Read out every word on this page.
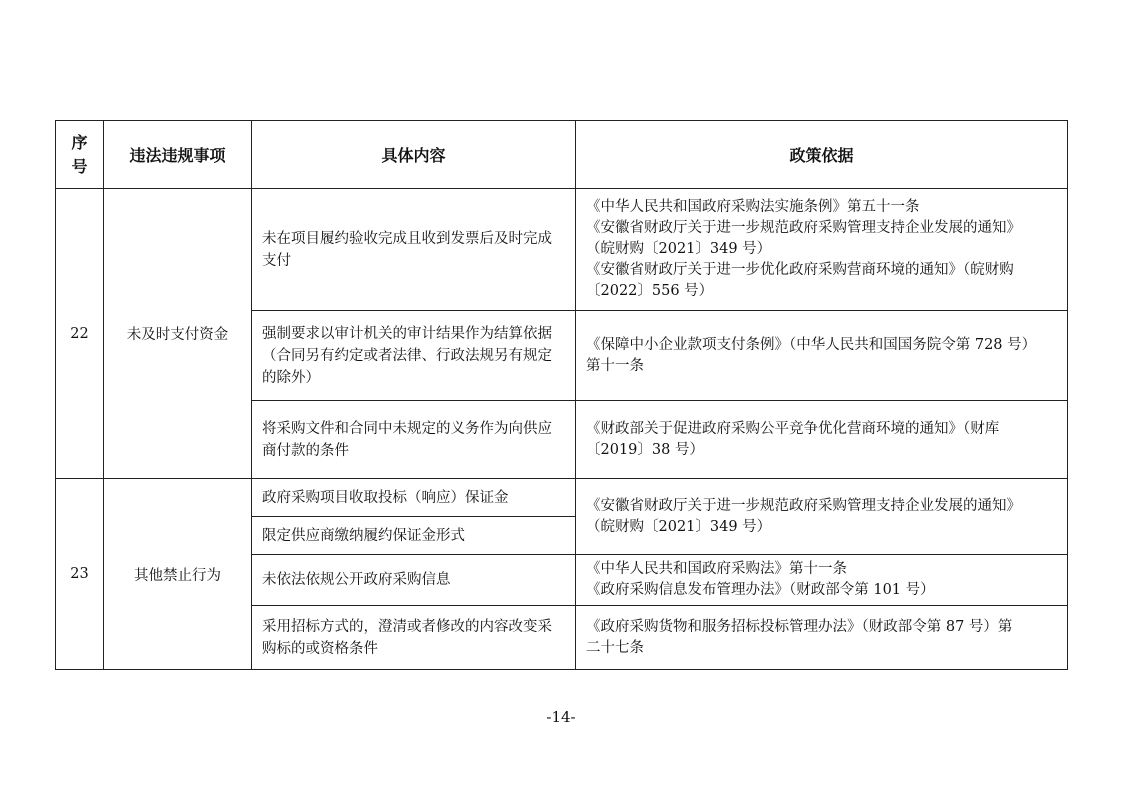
序
号	违法违规事项	具体内容	政策依据
22	未及时支付资金	未在项目履约验收完成且收到发票后及时完成支付	《中华人民共和国政府采购法实施条例》第五十一条
《安徽省财政厅关于进一步规范政府采购管理支持企业发展的通知》
（皖财购〔2021〕349 号）
《安徽省财政厅关于进一步优化政府采购营商环境的通知》（皖财购
〔2022〕556 号）

		强制要求以审计机关的审计结果作为结算依据（合同另有约定或者法律、行政法规另有规定的除外）	《保障中小企业款项支付条例》（中华人民共和国国务院令第 728 号）
第十一条

		将采购文件和合同中未规定的义务作为向供应商付款的条件	《财政部关于促进政府采购公平竞争优化营商环境的通知》（财库
〔2019〕38 号）

23	其他禁止行为	政府采购项目收取投标（响应）保证金	《安徽省财政厅关于进一步规范政府采购管理支持企业发展的通知》
（皖财购〔2021〕349 号）

		限定供应商缴纳履约保证金形式	
		未依法依规公开政府采购信息	《中华人民共和国政府采购法》第十一条
《政府采购信息发布管理办法》（财政部令第 101 号）

		采用招标方式的，澄清或者修改的内容改变采购标的或资格条件	《政府采购货物和服务招标投标管理办法》（财政部令第 87 号）第
二十七条
-14-
